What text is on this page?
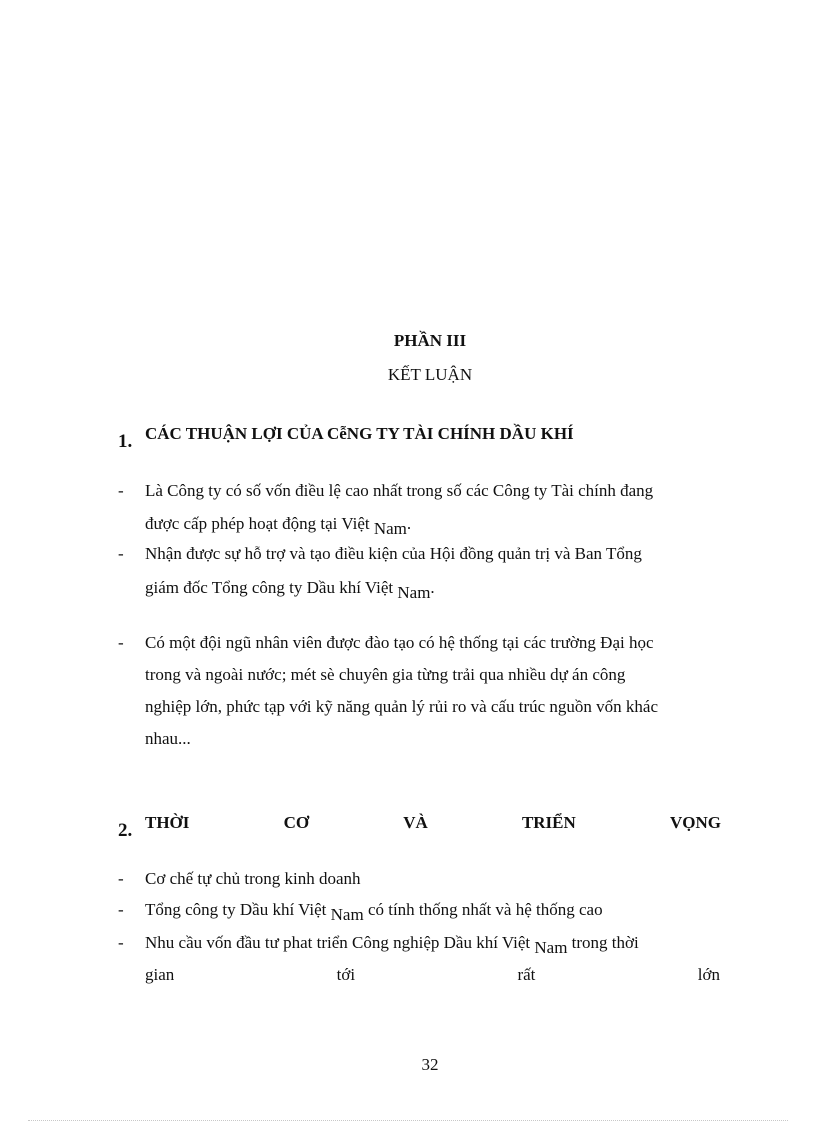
PHẦN III
KẾT LUẬN
1. CÁC THUẬN LỢI CỦA CễNG TY TÀI CHÍNH DẦU KHÍ
- Là Công ty có số vốn điều lệ cao nhất trong số các Công ty Tài chính đang
được cấp phép hoạt động tại Việt Nam.
- Nhận được sự hỗ trợ và tạo điều kiện của Hội đồng quản trị và Ban Tổng
giám đốc Tổng công ty Dầu khí Việt Nam.
- Có một đội ngũ nhân viên được đào tạo có hệ thống tại các trường Đại học
trong và ngoài nước; mét sè chuyên gia từng trải qua nhiều dự án công
nghiệp lớn, phức tạp với kỹ năng quản lý rủi ro và cấu trúc nguồn vốn khác
nhau...
2. THỜI	CƠ	VÀ	TRIỂN	VỌNG
- Cơ chế tự chủ trong kinh doanh
- Tổng công ty Dầu khí Việt Nam có tính thống nhất và hệ thống cao
- Nhu cầu vốn đầu tư phat triển Công nghiệp Dầu khí Việt Nam trong thời
gian	tới	rất	lớn
32
